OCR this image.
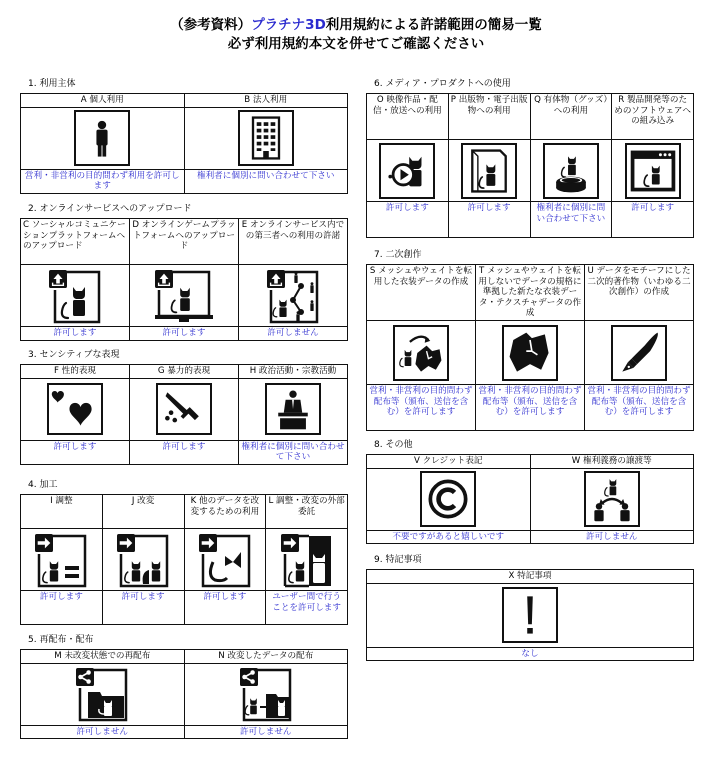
（参考資料）プラチナ3D利用規約による許諾範囲の簡易一覧
必ず利用規約本文を併せてご確認ください
1. 利用主体
A 個人利用	B 法人利用

営利・非営利の目的問わず利用を許可します	権利者に個別に問い合わせて下さい
2. オンラインサービスへのアップロード
C ソーシャルコミュニケーションプラットフォームへのアップロード	D オンラインゲームプラットフォームへのアップロード	E オンラインサービス内での第三者への利用の許諾

許可します	許可します	許可しません
3. センシティブな表現
F 性的表現	G 暴力的表現	H 政治活動・宗教活動

許可します	許可します	権利者に個別に問い合わせて下さい
4. 加工
I 調整	J 改変	K 他のデータを改変するための利用	L 調整・改変の外部委託

許可します	許可します	許可します	ユーザー間で行うことを許可します
5. 再配布・配布
M 未改変状態での再配布	N 改変したデータの配布

許可しません	許可しません
6. メディア・プロダクトへの使用
O 映像作品・配信・放送への利用	P 出版物・電子出版物への利用	Q 有体物（グッズ）への利用	R 製品開発等のためのソフトウェアへの組み込み

許可します	許可します	権利者に個別に問い合わせて下さい	許可します
7. 二次創作
S メッシュやウェイトを転用した衣装データの作成	T メッシュやウェイトを転用しないでデータの規格に準拠した新たな衣装データ・テクスチャデータの作成	U データをモチーフにした二次的著作物（いわゆる二次創作）の作成

営利・非営利の目的問わず配布等（頒布、送信を含む）を許可します	営利・非営利の目的問わず配布等（頒布、送信を含む）を許可します	営利・非営利の目的問わず配布等（頒布、送信を含む）を許可します
8. その他
V クレジット表記	W 権利義務の譲渡等

不要ですがあると嬉しいです	許可しません
9. 特記事項
X 特記事項

なし
